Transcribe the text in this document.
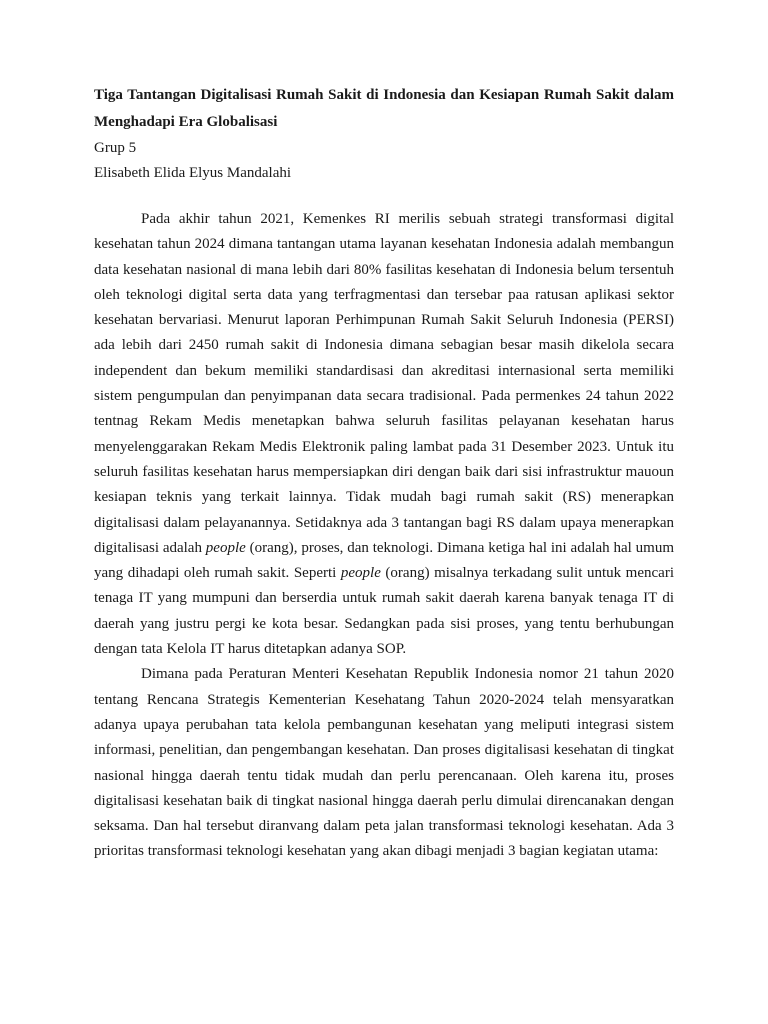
Tiga Tantangan Digitalisasi Rumah Sakit di Indonesia dan Kesiapan Rumah Sakit dalam Menghadapi Era Globalisasi

Grup 5

Elisabeth Elida Elyus Mandalahi

Pada akhir tahun 2021, Kemenkes RI merilis sebuah strategi transformasi digital kesehatan tahun 2024 dimana tantangan utama layanan kesehatan Indonesia adalah membangun data kesehatan nasional di mana lebih dari 80% fasilitas kesehatan di Indonesia belum tersentuh oleh teknologi digital serta data yang terfragmentasi dan tersebar paa ratusan aplikasi sektor kesehatan bervariasi. Menurut laporan Perhimpunan Rumah Sakit Seluruh Indonesia (PERSI) ada lebih dari 2450 rumah sakit di Indonesia dimana sebagian besar masih dikelola secara independent dan bekum memiliki standardisasi dan akreditasi internasional serta memiliki sistem pengumpulan dan penyimpanan data secara tradisional. Pada permenkes 24 tahun 2022 tentnag Rekam Medis menetapkan bahwa seluruh fasilitas pelayanan kesehatan harus menyelenggarakan Rekam Medis Elektronik paling lambat pada 31 Desember 2023. Untuk itu seluruh fasilitas kesehatan harus mempersiapkan diri dengan baik dari sisi infrastruktur mauoun kesiapan teknis yang terkait lainnya. Tidak mudah bagi rumah sakit (RS) menerapkan digitalisasi dalam pelayanannya. Setidaknya ada 3 tantangan bagi RS dalam upaya menerapkan digitalisasi adalah people (orang), proses, dan teknologi. Dimana ketiga hal ini adalah hal umum yang dihadapi oleh rumah sakit. Seperti people (orang) misalnya terkadang sulit untuk mencari tenaga IT yang mumpuni dan berserdia untuk rumah sakit daerah karena banyak tenaga IT di daerah yang justru pergi ke kota besar. Sedangkan pada sisi proses, yang tentu berhubungan dengan tata Kelola IT harus ditetapkan adanya SOP.

Dimana pada Peraturan Menteri Kesehatan Republik Indonesia nomor 21 tahun 2020 tentang Rencana Strategis Kementerian Kesehatang Tahun 2020-2024 telah mensyaratkan adanya upaya perubahan tata kelola pembangunan kesehatan yang meliputi integrasi sistem informasi, penelitian, dan pengembangan kesehatan. Dan proses digitalisasi kesehatan di tingkat nasional hingga daerah tentu tidak mudah dan perlu perencanaan. Oleh karena itu, proses digitalisasi kesehatan baik di tingkat nasional hingga daerah perlu dimulai direncanakan dengan seksama. Dan hal tersebut diranvang dalam peta jalan transformasi teknologi kesehatan. Ada 3 prioritas transformasi teknologi kesehatan yang akan dibagi menjadi 3 bagian kegiatan utama:
